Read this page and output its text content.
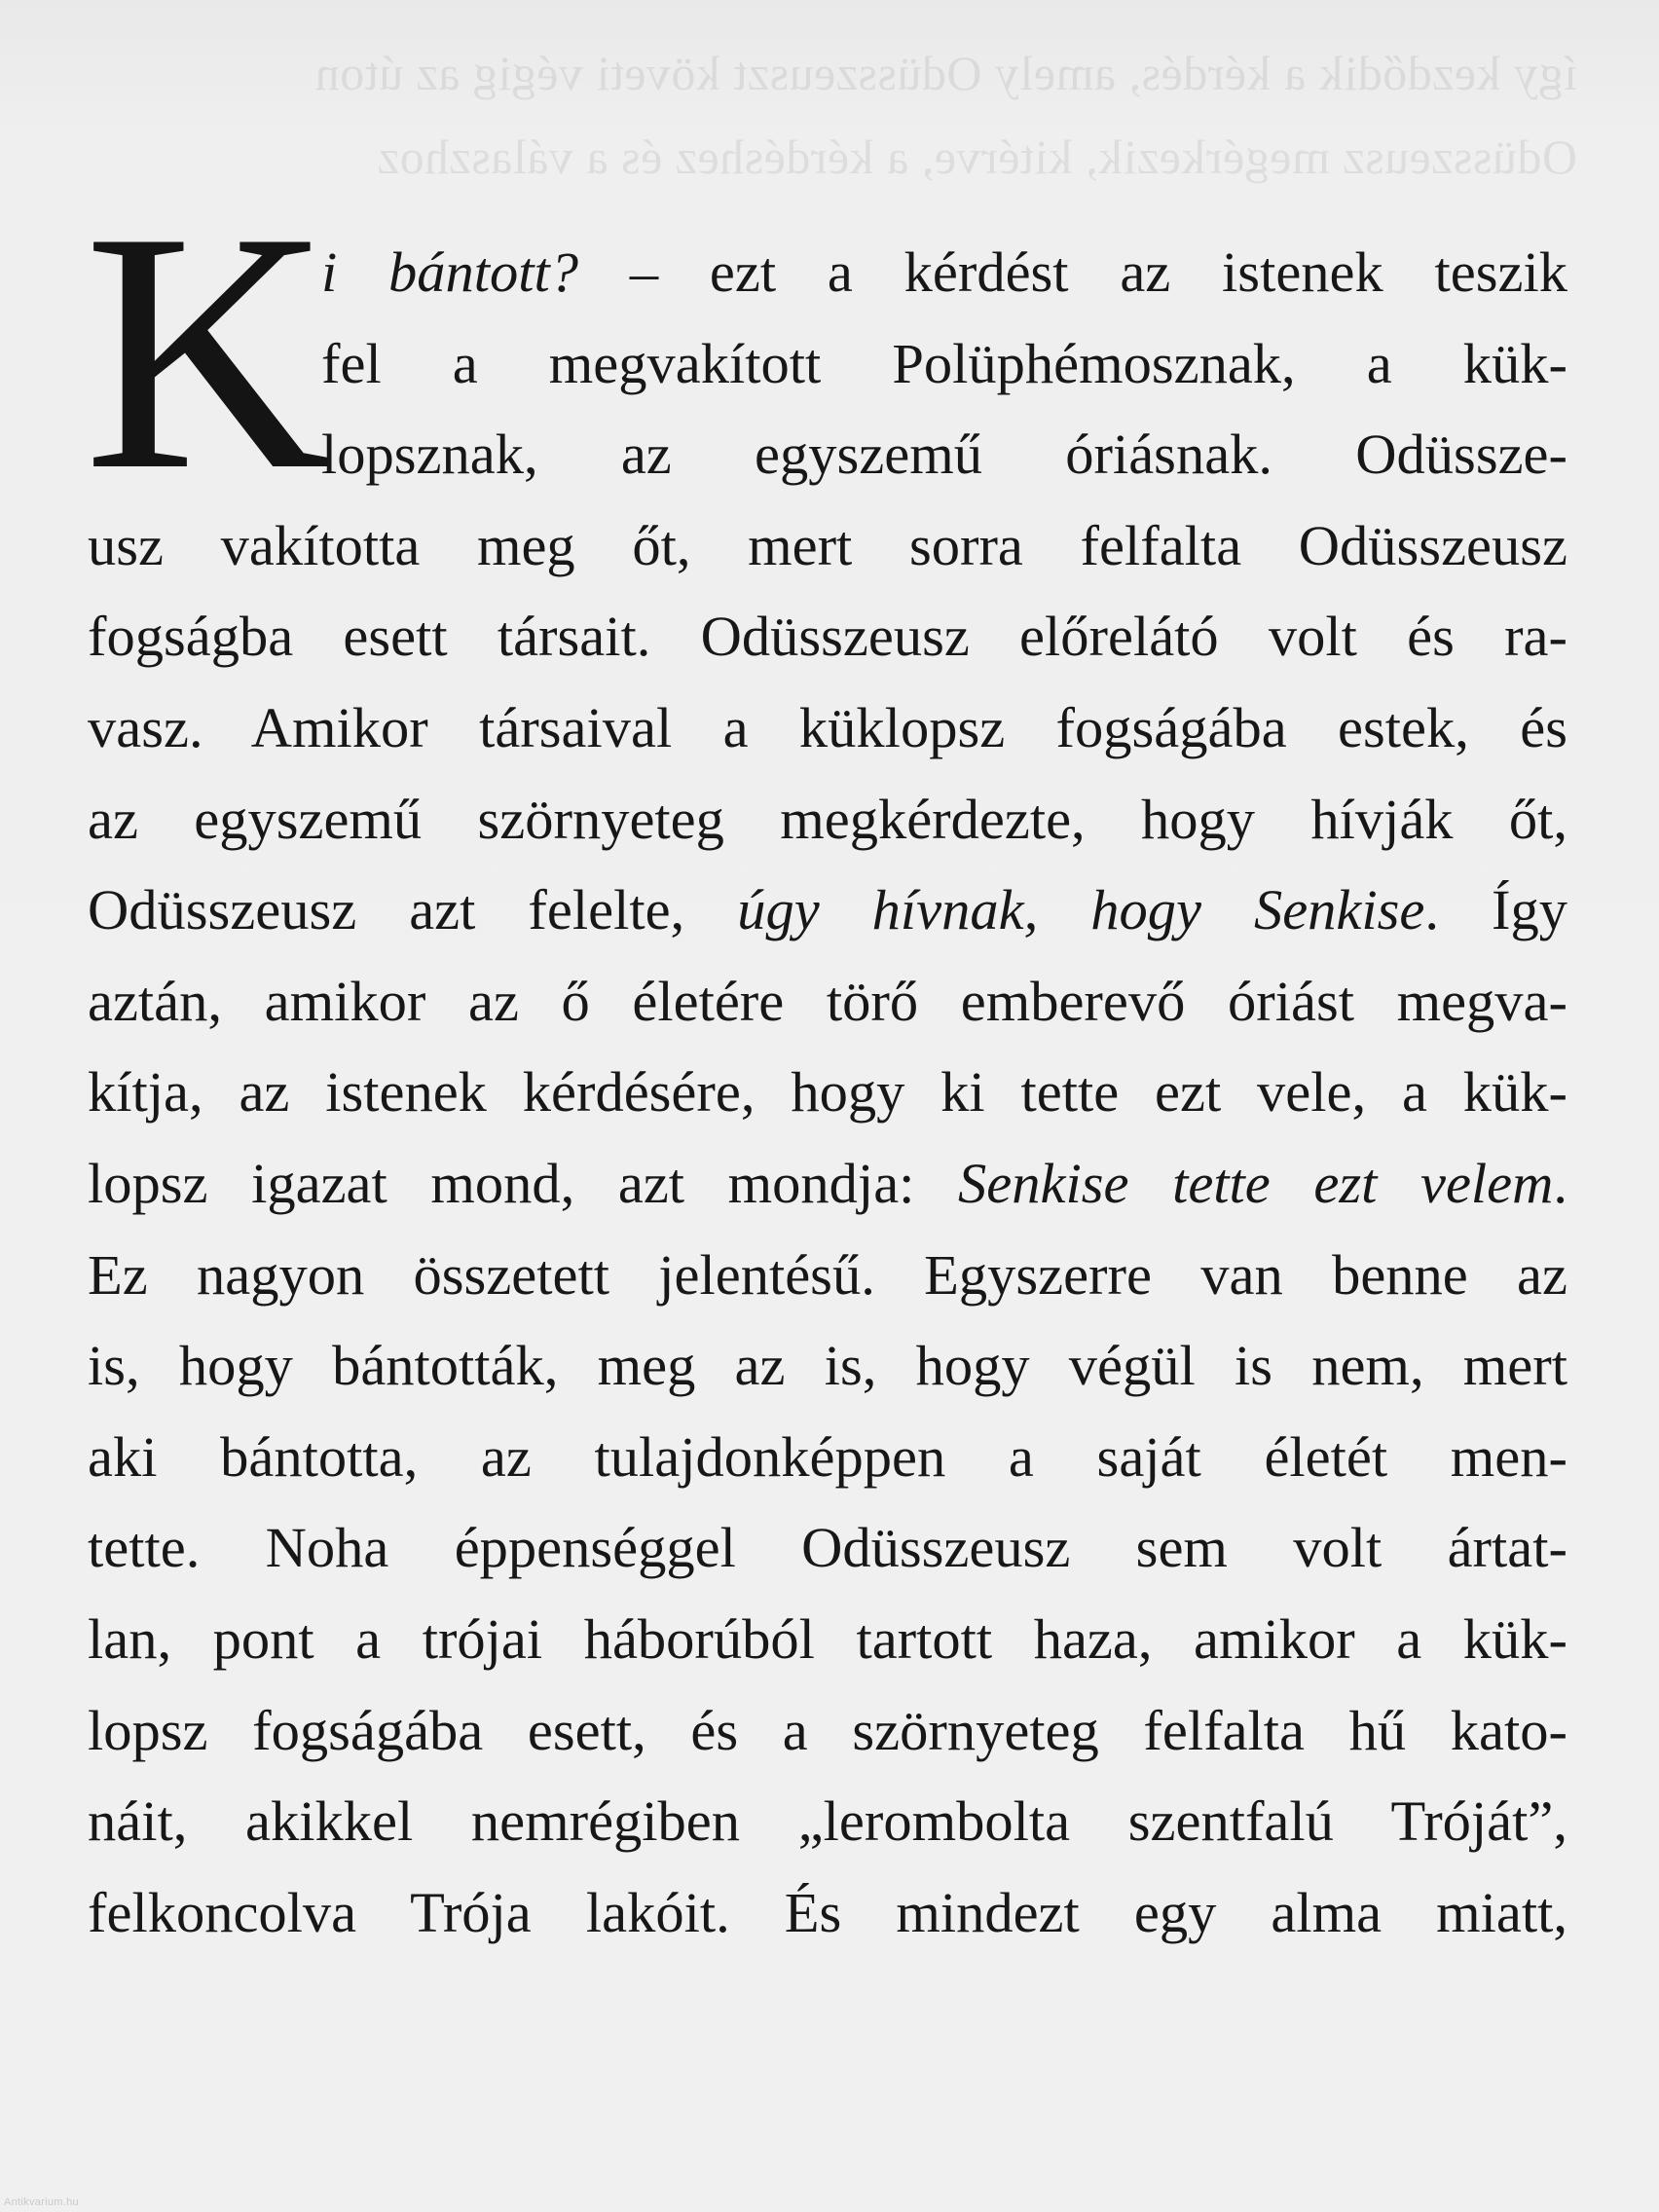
így kezdődik a kérdés, amely Odüsszeuszt követi végig az úton
Odüsszeusz megérkezik, kitérve, a kérdéshez és a válaszhoz
K
i bántott? – ezt a kérdést az istenek teszik
fel a megvakított Polüphémosznak, a kük-
lopsznak, az egyszemű óriásnak. Odüssze-
usz vakította meg őt, mert sorra felfalta Odüsszeusz
fogságba esett társait. Odüsszeusz előrelátó volt és ra-
vasz. Amikor társaival a küklopsz fogságába estek, és
az egyszemű szörnyeteg megkérdezte, hogy hívják őt,
Odüsszeusz azt felelte, úgy hívnak, hogy Senkise. Így
aztán, amikor az ő életére törő emberevő óriást megva-
kítja, az istenek kérdésére, hogy ki tette ezt vele, a kük-
lopsz igazat mond, azt mondja: Senkise tette ezt velem.
Ez nagyon összetett jelentésű. Egyszerre van benne az
is, hogy bántották, meg az is, hogy végül is nem, mert
aki bántotta, az tulajdonképpen a saját életét men-
tette. Noha éppenséggel Odüsszeusz sem volt ártat-
lan, pont a trójai háborúból tartott haza, amikor a kük-
lopsz fogságába esett, és a szörnyeteg felfalta hű kato-
náit, akikkel nemrégiben „lerombolta szentfalú Tróját”,
felkoncolva Trója lakóit. És mindezt egy alma miatt,
Antikvarium.hu
